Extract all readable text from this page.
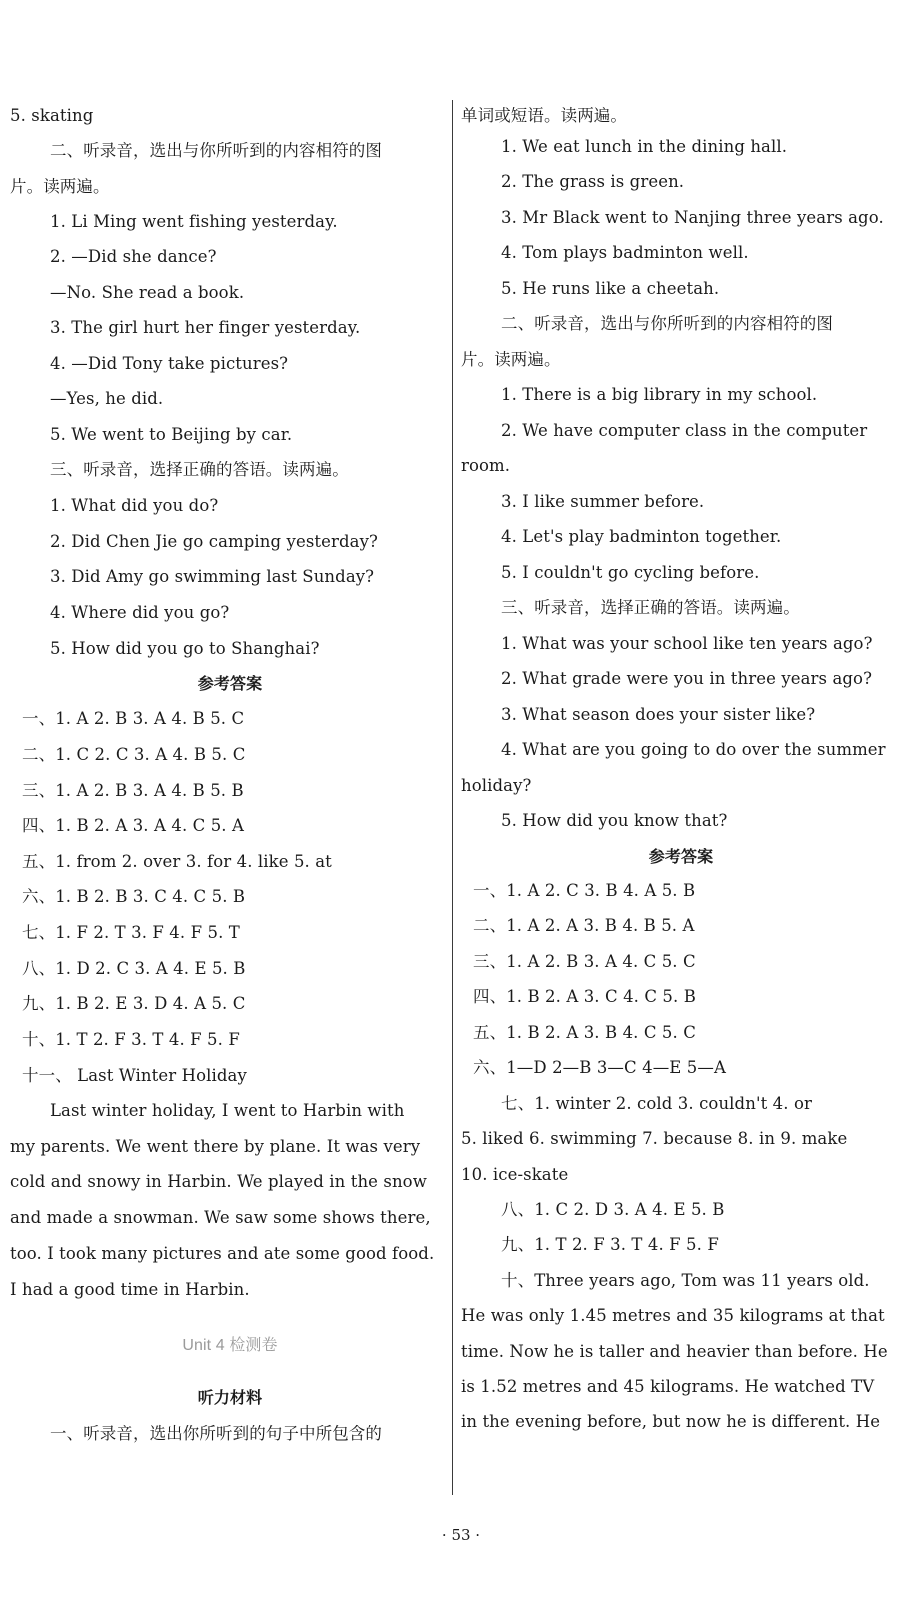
5. skating
二、听录音，选出与你所听到的内容相符的图
片。读两遍。
1. Li Ming went fishing yesterday.
2. —Did she dance?
—No. She read a book.
3. The girl hurt her finger yesterday.
4. —Did Tony take pictures?
—Yes, he did.
5. We went to Beijing by car.
三、听录音，选择正确的答语。读两遍。
1. What did you do?
2. Did Chen Jie go camping yesterday?
3. Did Amy go swimming last Sunday?
4. Where did you go?
5. How did you go to Shanghai?
参考答案
一、1. A 2. B 3. A 4. B 5. C
二、1. C 2. C 3. A 4. B 5. C
三、1. A 2. B 3. A 4. B 5. B
四、1. B 2. A 3. A 4. C 5. A
五、1. from 2. over 3. for 4. like 5. at
六、1. B 2. B 3. C 4. C 5. B
七、1. F 2. T 3. F 4. F 5. T
八、1. D 2. C 3. A 4. E 5. B
九、1. B 2. E 3. D 4. A 5. C
十、1. T 2. F 3. T 4. F 5. F
十一、 Last Winter Holiday
Last winter holiday, I went to Harbin with
my parents. We went there by plane. It was very
cold and snowy in Harbin. We played in the snow
and made a snowman. We saw some shows there,
too. I took many pictures and ate some good food.
I had a good time in Harbin.
Unit 4 检测卷
听力材料
一、听录音，选出你所听到的句子中所包含的
单词或短语。读两遍。
1. We eat lunch in the dining hall.
2. The grass is green.
3. Mr Black went to Nanjing three years ago.
4. Tom plays badminton well.
5. He runs like a cheetah.
二、听录音，选出与你所听到的内容相符的图
片。读两遍。
1. There is a big library in my school.
2. We have computer class in the computer
room.
3. I like summer before.
4. Let's play badminton together.
5. I couldn't go cycling before.
三、听录音，选择正确的答语。读两遍。
1. What was your school like ten years ago?
2. What grade were you in three years ago?
3. What season does your sister like?
4. What are you going to do over the summer
holiday?
5. How did you know that?
参考答案
一、1. A 2. C 3. B 4. A 5. B
二、1. A 2. A 3. B 4. B 5. A
三、1. A 2. B 3. A 4. C 5. C
四、1. B 2. A 3. C 4. C 5. B
五、1. B 2. A 3. B 4. C 5. C
六、1—D 2—B 3—C 4—E 5—A
七、1. winter 2. cold 3. couldn't 4. or
5. liked 6. swimming 7. because 8. in 9. make
10. ice-skate
八、1. C 2. D 3. A 4. E 5. B
九、1. T 2. F 3. T 4. F 5. F
十、Three years ago, Tom was 11 years old.
He was only 1.45 metres and 35 kilograms at that
time. Now he is taller and heavier than before. He
is 1.52 metres and 45 kilograms. He watched TV
in the evening before, but now he is different. He
· 53 ·
